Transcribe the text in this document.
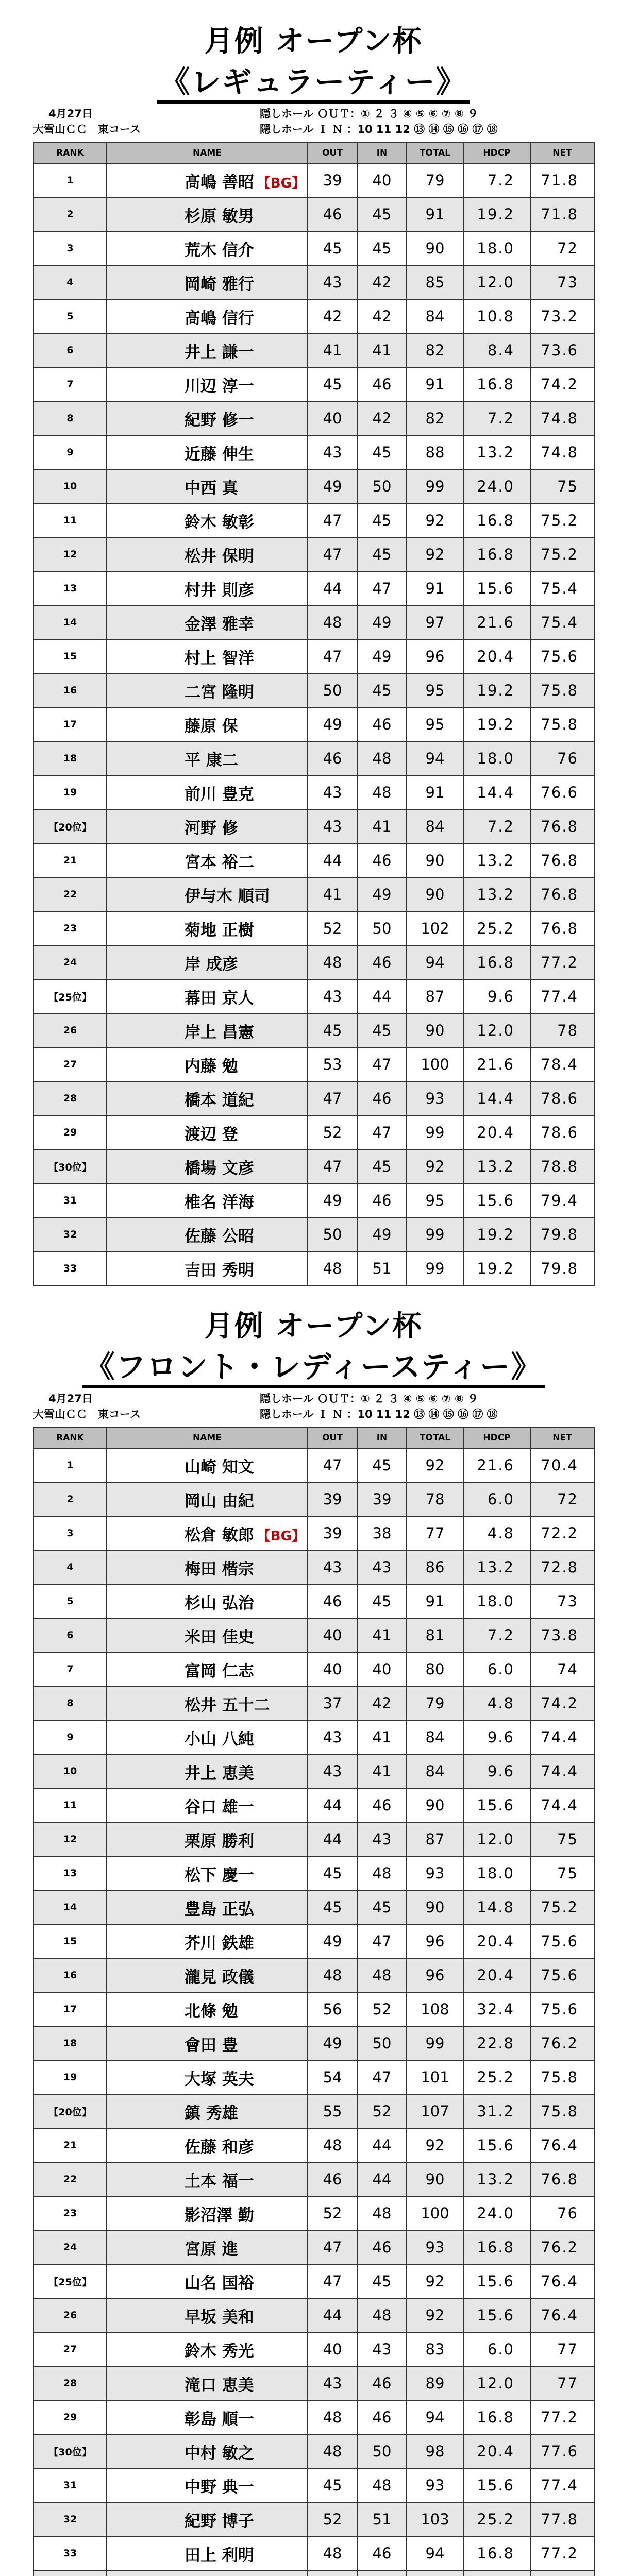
月例 オープン杯
《レギュラーティー》
4月27日
大雪山ＣＣ　東コース
隠しホール ＯＵＴ：① ２ ３ ④ ⑤ ⑥ ⑦ ⑧ ９
隠しホール Ｉ Ｎ ：10 11 12 ⑬ ⑭ ⑮ ⑯ ⑰ ⑱
RANK	NAME	OUT	IN	TOTAL	HDCP	NET
1	髙嶋 善昭 【BG】	39	40	79	7.2	71.8
2	杉原 敏男	46	45	91	19.2	71.8
3	荒木 信介	45	45	90	18.0	72
4	岡崎 雅行	43	42	85	12.0	73
5	髙嶋 信行	42	42	84	10.8	73.2
6	井上 謙一	41	41	82	8.4	73.6
7	川辺 淳一	45	46	91	16.8	74.2
8	紀野 修一	40	42	82	7.2	74.8
9	近藤 伸生	43	45	88	13.2	74.8
10	中西 真	49	50	99	24.0	75
11	鈴木 敏彰	47	45	92	16.8	75.2
12	松井 保明	47	45	92	16.8	75.2
13	村井 則彦	44	47	91	15.6	75.4
14	金澤 雅幸	48	49	97	21.6	75.4
15	村上 智洋	47	49	96	20.4	75.6
16	二宮 隆明	50	45	95	19.2	75.8
17	藤原 保	49	46	95	19.2	75.8
18	平 康二	46	48	94	18.0	76
19	前川 豊克	43	48	91	14.4	76.6
【20位】	河野 修	43	41	84	7.2	76.8
21	宮本 裕二	44	46	90	13.2	76.8
22	伊与木 順司	41	49	90	13.2	76.8
23	菊地 正樹	52	50	102	25.2	76.8
24	岸 成彦	48	46	94	16.8	77.2
【25位】	幕田 京人	43	44	87	9.6	77.4
26	岸上 昌憲	45	45	90	12.0	78
27	内藤 勉	53	47	100	21.6	78.4
28	橋本 道紀	47	46	93	14.4	78.6
29	渡辺 登	52	47	99	20.4	78.6
【30位】	橋場 文彦	47	45	92	13.2	78.8
31	椎名 洋海	49	46	95	15.6	79.4
32	佐藤 公昭	50	49	99	19.2	79.8
33	吉田 秀明	48	51	99	19.2	79.8
月例 オープン杯
《フロント・レディースティー》
4月27日
大雪山ＣＣ　東コース
隠しホール ＯＵＴ：① ２ ３ ④ ⑤ ⑥ ⑦ ⑧ ９
隠しホール Ｉ Ｎ ：10 11 12 ⑬ ⑭ ⑮ ⑯ ⑰ ⑱
RANK	NAME	OUT	IN	TOTAL	HDCP	NET
1	山崎 知文	47	45	92	21.6	70.4
2	岡山 由紀	39	39	78	6.0	72
3	松倉 敏郎 【BG】	39	38	77	4.8	72.2
4	梅田 楷宗	43	43	86	13.2	72.8
5	杉山 弘治	46	45	91	18.0	73
6	米田 佳史	40	41	81	7.2	73.8
7	富岡 仁志	40	40	80	6.0	74
8	松井 五十二	37	42	79	4.8	74.2
9	小山 八純	43	41	84	9.6	74.4
10	井上 恵美	43	41	84	9.6	74.4
11	谷口 雄一	44	46	90	15.6	74.4
12	栗原 勝利	44	43	87	12.0	75
13	松下 慶一	45	48	93	18.0	75
14	豊島 正弘	45	45	90	14.8	75.2
15	芥川 鉄雄	49	47	96	20.4	75.6
16	瀧見 政儀	48	48	96	20.4	75.6
17	北條 勉	56	52	108	32.4	75.6
18	會田 豊	49	50	99	22.8	76.2
19	大塚 英夫	54	47	101	25.2	75.8
【20位】	鎮 秀雄	55	52	107	31.2	75.8
21	佐藤 和彦	48	44	92	15.6	76.4
22	土本 福一	46	44	90	13.2	76.8
23	影沼澤 勤	52	48	100	24.0	76
24	宮原 進	47	46	93	16.8	76.2
【25位】	山名 国裕	47	45	92	15.6	76.4
26	早坂 美和	44	48	92	15.6	76.4
27	鈴木 秀光	40	43	83	6.0	77
28	滝口 恵美	43	46	89	12.0	77
29	彰島 順一	48	46	94	16.8	77.2
【30位】	中村 敏之	48	50	98	20.4	77.6
31	中野 典一	45	48	93	15.6	77.4
32	紀野 博子	52	51	103	25.2	77.8
33	田上 利明	48	46	94	16.8	77.2
